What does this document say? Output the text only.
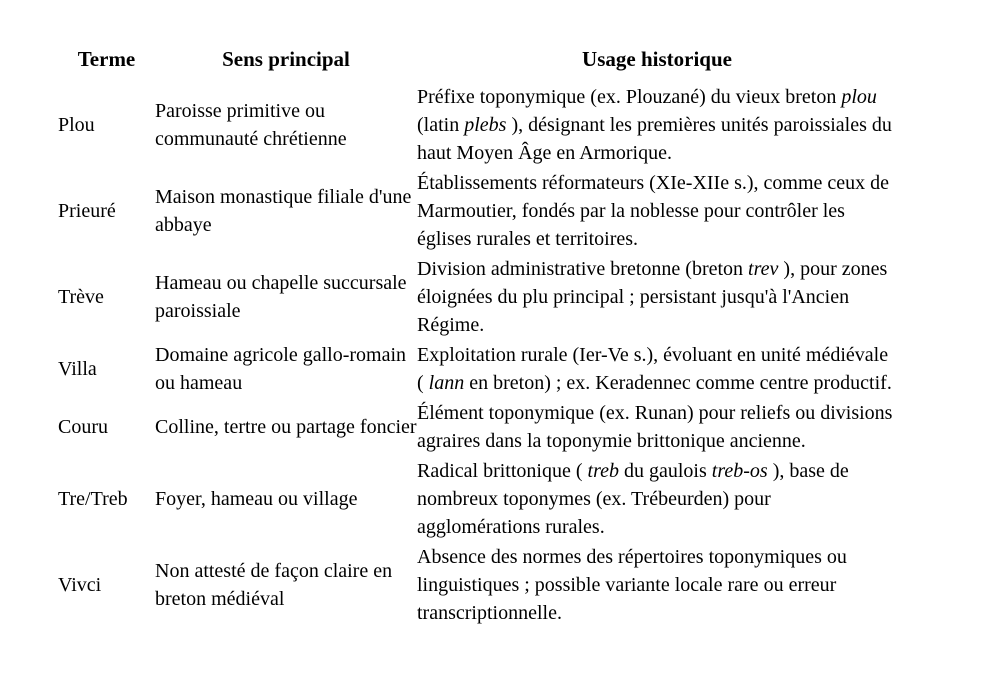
Terme	Sens principal	Usage historique
Plou	Paroisse primitive ou communauté chrétienne	Préfixe toponymique (ex. Plouzané) du vieux breton plou (latin plebs ), désignant les premières unités paroissiales du haut Moyen Âge en Armorique.
Prieuré	Maison monastique filiale d'une abbaye	Établissements réformateurs (XIe-XIIe s.), comme ceux de Marmoutier, fondés par la noblesse pour contrôler les églises rurales et territoires.
Trève	Hameau ou chapelle succursale paroissiale	Division administrative bretonne (breton trev ), pour zones éloignées du plu principal ; persistant jusqu'à l'Ancien Régime.
Villa	Domaine agricole gallo-romain ou hameau	Exploitation rurale (Ier-Ve s.), évoluant en unité médiévale ( lann en breton) ; ex. Keradennec comme centre productif.
Couru	Colline, tertre ou partage foncier	Élément toponymique (ex. Runan) pour reliefs ou divisions agraires dans la toponymie brittonique ancienne.
Tre/Treb	Foyer, hameau ou village	Radical brittonique ( treb du gaulois treb-os ), base de nombreux toponymes (ex. Trébeurden) pour agglomérations rurales.
Vivci	Non attesté de façon claire en breton médiéval	Absence des normes des répertoires toponymiques ou linguistiques ; possible variante locale rare ou erreur transcriptionnelle.
